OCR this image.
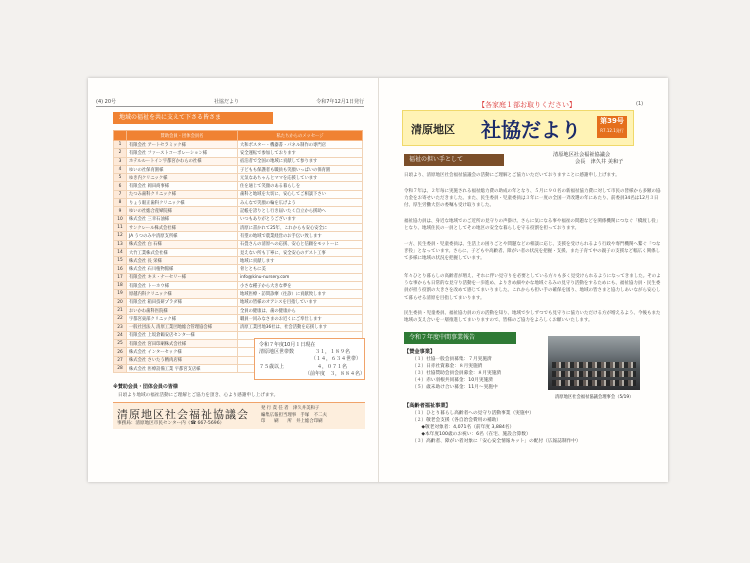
(4) 20号	社協だより	令和7年12月1日発行
地域の福祉を共に支えて下さる皆さま
	賛助会員・団体会員名	私たちからのメッセージ
1	有限会社 アートセラミック様	大和ボスター・機器書・パネル制作の専門店
2	有限会社 ファーストコーポレーション様	安全運転で参加しております
3	ホテルルートイン宇都宮かわらの社様	宿泊者で全国の地域に貢献して参ります
4	ゆいの社保育園様	子どもも保護者も職員も笑顔いっぱいの保育園
5	ゆき内クリニック様	元気なあちゃんとママを応援しています
6	有限会社 岡田商事様	住を通じて笑顔のある暮らしを
7	たつみ歯科クリニック様	歯科と地域を大切に、安心してご相談下さい
8	りょう眼正歯科クリニック様	みんなで笑顔の輪を広げよう
9	ゆいの社総合産婦院様	記帳を誇りとし行き届いたく自立から援助へ
10	株式会社 三幸石油様	いつもありがとうございます
11	サンクレール株式会社様	清原に書かれて25年、これからも安心安全に
12	JA うつのみや清原支所様	有望の地域で農業経営のお手伝い致します
13	株式会社 白 石様	石畳さんの清原への応援、安心と信頼をモットーに
14	大竹工業株式会社様	見えない所も丁寧に、安全安心のゲスト工事
15	株式会社 長 栄様	地域に貢献します
16	株式会社 石川植物館様	骨とともに美
17	有限会社 キヌ・ナーセリー様	info@kinu-nursery.com
18	有限会社 トーホウ様	小さな種子から大きな夢を
19	原越内科クリニック様	地域医療・訪問診療（往診）に貢献致します
20	有限会社 箱田技研プラダ様	地域の皆様のオアシスを目指しています
21	おいかわ歯科医院様	全員の健康は、歯の健康から
22	宇都宮東部クリニック様	職員一同みなさまのお近くにご奉仕します
23	一般社団法人 清原工業団地総合管理協会様	清原工業団地36社は、社会活動を応援します
24	有限会社 上坂倉鶴安店センター様	
25	有限会社 宮田印刷株式会社様	
26	株式会社 インターセック様	
27	株式会社 さいたう精肉店様	
28	株式会社 医療設備工業 宇都宮支店様	
令和７年度10月１日現在
清原地区世帯数	３１，１８９名
（１４，６３４世帯）
７５歳以上	４，０７１名
（前年度　３，８８４名）
※賛助会員・団体会員の皆様
日頃より地域の福祉活動にご理解とご協力を頂き、心より感謝申し上げます。
清原地区社会福祉協議会
事務局：清原地区市民センター内（☎ 667-5696）
発 行 責 任 者　津久井美和子
編集広報担当理事　手塚　不二夫
印　　刷　　所　井上総合印刷
【各家庭１部お取りください】	(1)
清原地区 社協だより	第39号
R7.12.1発行
福祉の担い手として
清原地区社会福祉協議会
会長　津久井 美和子
日頃より、清原地区社会福祉協議会の活動にご理解とご協力いただいておりますことに感謝申し上げます。
令和７年は、２年毎に実施される福祉総力費の助成の年となり、５月に９０名の新福祉協力費に対して市民の皆様から多額の協力金をお寄せいただきました。また、民生委員・児童委員は３年に一度の全国一斉改選の年にあたり、前委員34名は12月３日付、厚生労働大臣の委嘱も受け取りました。
福祉協力員は、身近な地域でのご近所の見守りの声掛け。さらに気になる事や福祉の問題などを関係機関につなぐ「橋渡し役」となり、地域住民の一員としてその地区の安全な暮らしを守る役割を担っております。
一方、民生委員・児童委員は、生活上の困りごとや問題などの相談に応じ、支援を受けられるよう行政や専門機関へ繋ぐ「つなぎ役」となっています。さらに、子どもや高齢者、障がい者の状況を把握・支援、また子育て中の親子の支援など幅広く関係して多様に地域の状況を把握しています。
年々ひとり暮らしの高齢者が増え、それに伴い見守りを必要としている方々も多く見受けられるようになってきました。そのような事からも日常的な見守り活動を一歩進め、よりきめ細やかな地域ぐるみの見守り活動をするためにも、福祉協力員・民生委員が担う役割の大きさを改めて感じてまいりました。これからも担い手の確保を図り、地域の皆さまと協力しあいながら安心して暮らせる清原を目指してまいります。
民生委員・児童委員、福祉協力員の方の活動を知り、地域で少しずつでも見守りに協力いただける方が増えるよう、今後もまた地域の支え合いを一層推進してまいりますので、皆様のご協力をよろしくお願いいたします。
令和７年度中間事業報告
【賛金事業】
（１）社協一般会員募集：７月実施済
（２）日赤社資募金：８月実施済
（３）社協賛助会員会員募金：８月実施済
（４）赤い羽根共同募金：10月実施済
（５）歳末助け合い募金：11月～実施中
【高齢者福祉事業】
（１）ひとり暮らし高齢者への見守り活動事業（実施中）
（２）敬老会支援（各自治会費用の補助）
　　◆敬老対象者：4,071名（前年度 3,884名）
　　◆本年度100歳のお祝い：6名（在宅、施設合算数）
（３）高齢者、障がい者対象に「安心安全情報キット」の配付（広報誌制作中）
清原地区社会福祉協議会理事会（5/19）
